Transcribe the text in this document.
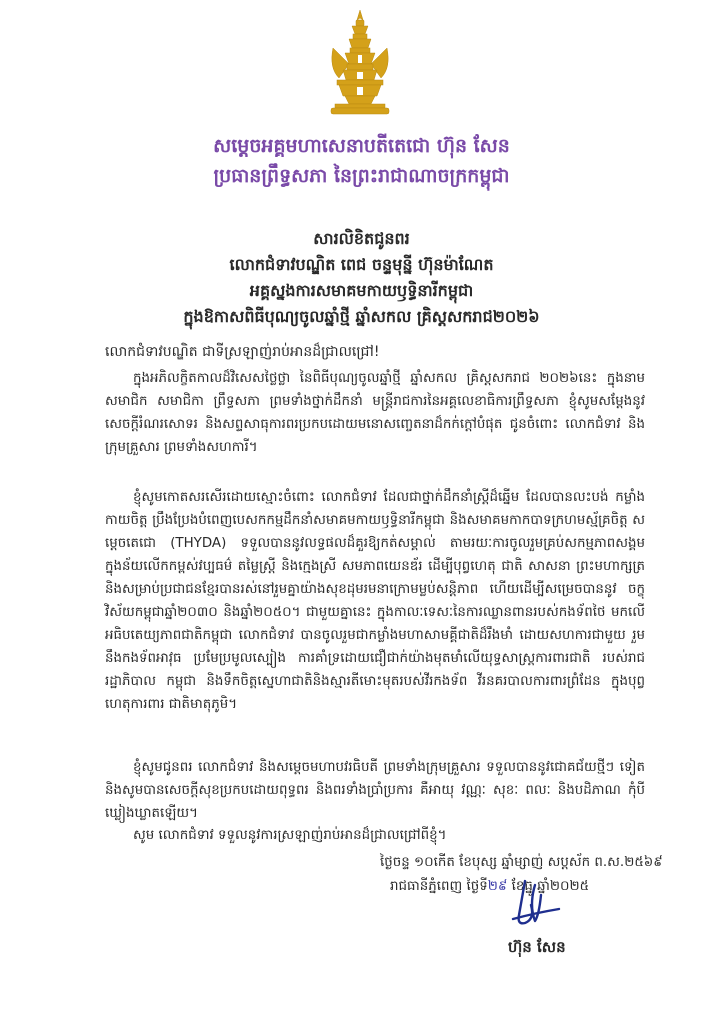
សម្តេចអគ្គមហាសេនាបតីតេជោ ហ៊ុន សែន
ប្រធានព្រឹទ្ធសភា នៃព្រះរាជាណាចក្រកម្ពុជា
សារលិខិតជូនពរ
លោកជំទាវបណ្ឌិត ពេជ ចន្ទមុន្នី ហ៊ុនម៉ាណែត
អគ្គស្នងការសមាគមកាយឫទ្ធិនារីកម្ពុជា
ក្នុងឱកាសពិធីបុណ្យចូលឆ្នាំថ្មី ឆ្នាំសកល គ្រិស្តសករាជ២០២៦
លោកជំទាវបណ្ឌិត ជាទីស្រឡាញ់រាប់អានដ៏ជ្រាលជ្រៅ!
ក្នុងអភិលក្ខិតកាលដ៏វិសេសថ្លៃថ្លា នៃពិធីបុណ្យចូលឆ្នាំថ្មី ឆ្នាំសកល គ្រិស្តសករាជ ២០២៦នេះ ក្នុងនាម សមាជិក សមាជិកា ព្រឹទ្ធសភា ព្រមទាំងថ្នាក់ដឹកនាំ មន្ត្រីរាជការនៃអគ្គលេខាធិការព្រឹទ្ធសភា ខ្ញុំសូមសម្តែងនូវ សេចក្តីរំណរសោទរ និងសព្ទសាធុការពរប្រកបដោយមនោសញ្ចេតនាដ៏កក់ក្តៅបំផុត ជូនចំពោះ លោកជំទាវ និង ក្រុមគ្រួសារ ព្រមទាំងសហការី។
ខ្ញុំសូមកោតសរសើរដោយស្មោះចំពោះ លោកជំទាវ ដែលជាថ្នាក់ដឹកនាំស្ត្រីដ៏ឆ្នើម ដែលបានលះបង់ កម្លាំងកាយចិត្ត ប្រឹងប្រែងបំពេញបេសកកម្មដឹកនាំសមាគមកាយឫទ្ធិនារីកម្ពុជា និងសមាគមកាកបាទក្រហមស្ម័គ្រចិត្ត សម្តេចតេជោ (THYDA) ទទួលបាននូវលទ្ធផលដ៏គួរឱ្យកត់សម្គាល់ តាមរយៈការចូលរួមគ្រប់សកម្មភាពសង្គម ក្នុងន័យលើកកម្ពស់វប្បធម៌ តម្លៃស្ត្រី និងក្មេងស្រី សមភាពយេនឌ័រ ដើម្បីបុព្វហេតុ ជាតិ សាសនា ព្រះមហាក្សត្រ និងសម្រាប់ប្រជាជនខ្មែរបានរស់នៅរួមគ្នាយ៉ាងសុខដុមរមនាក្រោមម្លប់សន្តិភាព ហើយដើម្បីសម្រេចបាននូវ ចក្ខុវិស័យកម្ពុជាឆ្នាំ២០៣០ និងឆ្នាំ២០៥០។ ជាមួយគ្នានេះ ក្នុងកាលៈទេសៈនៃការឈ្លានពានរបស់កងទ័ពថៃ មកលើអធិបតេយ្យភាពជាតិកម្ពុជា លោកជំទាវ បានចូលរួមជាកម្លាំងមហាសាមគ្គីជាតិដ៏រឹងមាំ ដោយសហការជាមួយ រួមនឹងកងទ័ពអាវុធ ប្រមែប្រមូលស្បៀង ការគាំទ្រដោយជឿជាក់យ៉ាងមុតមាំលើយុទ្ធសាស្ត្រការពារជាតិ របស់រាជរដ្ឋាភិបាល កម្ពុជា និងទឹកចិត្តស្នេហាជាតិនិងស្មារតីមោះមុតរបស់វីរកងទ័ព វីរនគរបាលការពារព្រំដែន ក្នុងបុព្វហេតុការពារ ជាតិមាតុភូមិ។
ខ្ញុំសូមជូនពរ លោកជំទាវ និងសម្តេចមហាបវរធិបតី ព្រមទាំងក្រុមគ្រួសារ ទទួលបាននូវជោគជ័យថ្មីៗ ទៀត និងសូមបានសេចក្តីសុខប្រកបដោយពុទ្ធពរ និងពរទាំងប្រាំប្រការ គឺអាយុ វណ្ណៈ សុខៈ ពលៈ និងបដិភាណ កុំបី ឃ្លៀងឃ្លាតឡើយ។
សូម លោកជំទាវ ទទួលនូវការស្រឡាញ់រាប់អានដ៏ជ្រាលជ្រៅពីខ្ញុំ។
ថ្ងៃចន្ទ ១០កើត ខែបុស្ស ឆ្នាំម្សាញ់ សប្តស័ក ព.ស.២៥៦៩
រាជធានីភ្នំពេញ ថ្ងៃទី២៩ ខែធ្នូ ឆ្នាំ២០២៥
ហ៊ុន សែន
